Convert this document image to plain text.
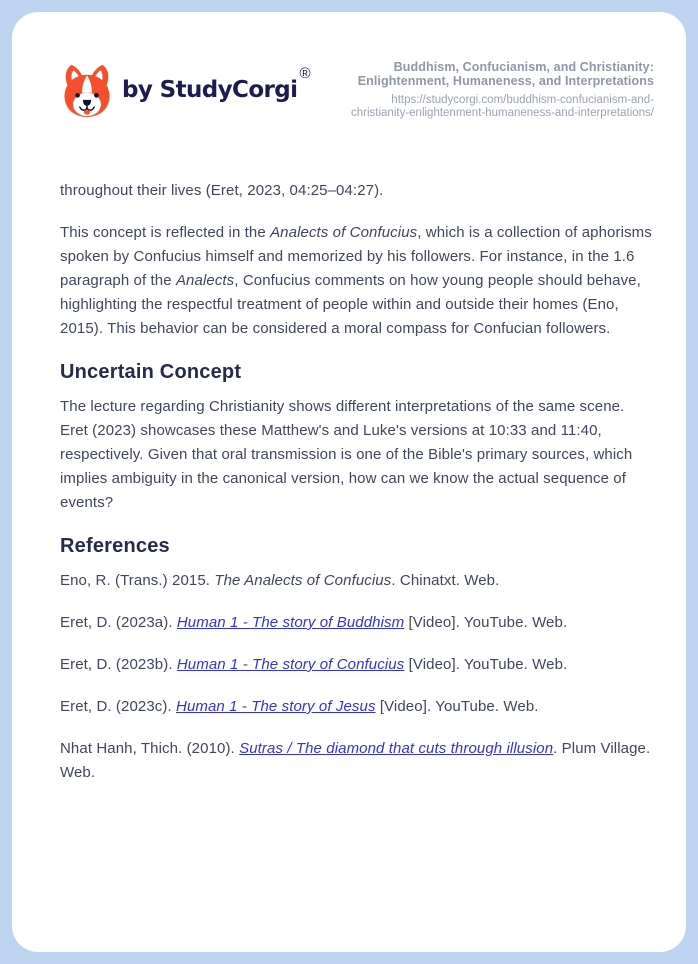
by StudyCorgi
®	Buddhism, Confucianism, and Christianity:
Enlightenment, Humaneness, and Interpretations
https://studycorgi.com/buddhism-confucianism-and-
christianity-enlightenment-humaneness-and-interpretations/

throughout their lives (Eret, 2023, 04:25–04:27).

This concept is reflected in the Analects of Confucius, which is a collection of aphorisms spoken by Confucius himself and memorized by his followers. For instance, in the 1.6 paragraph of the Analects, Confucius comments on how young people should behave, highlighting the respectful treatment of people within and outside their homes (Eno, 2015). This behavior can be considered a moral compass for Confucian followers.

Uncertain Concept

The lecture regarding Christianity shows different interpretations of the same scene. Eret (2023) showcases these Matthew's and Luke's versions at 10:33 and 11:40, respectively. Given that oral transmission is one of the Bible's primary sources, which implies ambiguity in the canonical version, how can we know the actual sequence of events?

References

Eno, R. (Trans.) 2015. The Analects of Confucius. Chinatxt. Web.

Eret, D. (2023a). Human 1 - The story of Buddhism [Video]. YouTube. Web.

Eret, D. (2023b). Human 1 - The story of Confucius [Video]. YouTube. Web.

Eret, D. (2023c). Human 1 - The story of Jesus [Video]. YouTube. Web.

Nhat Hanh, Thich. (2010). Sutras / The diamond that cuts through illusion. Plum Village. Web.
